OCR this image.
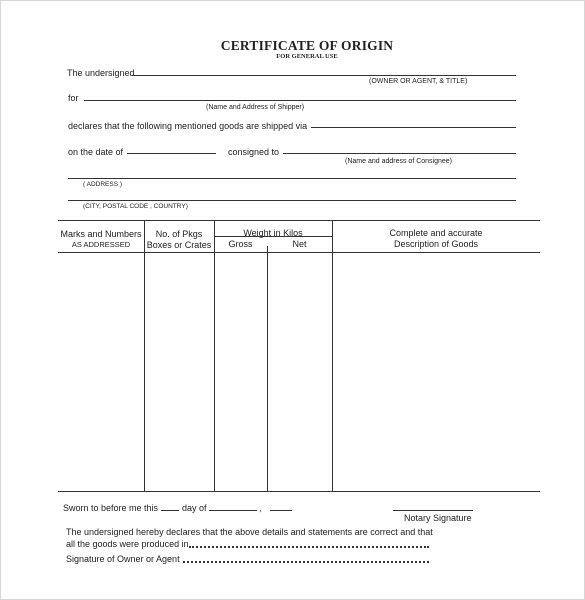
CERTIFICATE OF ORIGIN
FOR GENERAL USE
The undersigned
(OWNER OR AGENT, & TITLE)
for
(Name and Address of Shipper)
declares that the following mentioned goods are shipped via
on the date of	consigned to
(Name and address of Consignee)
( ADDRESS )
(CITY, POSTAL CODE , COUNTRY)
Marks and Numbers
AS ADDRESSED
No. of Pkgs
Boxes or Crates
Weight in Kilos
Gross	Net
Complete and accurate
Description of Goods
Sworn to before me this	day of	,
Notary Signature
The undersigned hereby declares that the above details and statements are correct and that
all the goods were produced in
Signature of Owner or Agent
